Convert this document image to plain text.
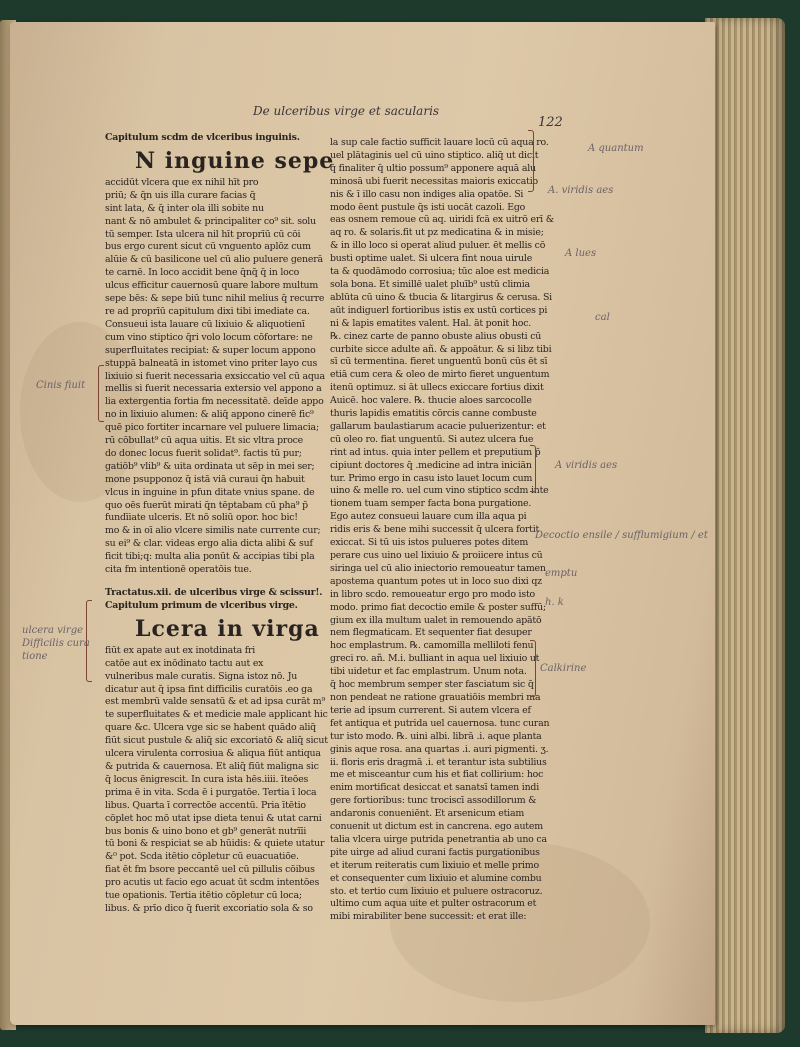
De ulceribus virge et sacularis
122
Capitulum scdm de vlceribus inguinis.
N inguine sepe
accidūt vlcera que ex nihil hīt pro
priū; & q̄n uis illa curare facias q̄
sint lata, & q̄ inter ola illi sobite nu
nant & nō ambulet & principaliter co⁹ sit. solu
tū semper. Ista ulcera nil hīt proprīū cū cōi
bus ergo curent sicut cū vnguento aplōz cum
alūie & cū basilicone uel cū alio puluere generā
te carnē. In loco accidit bene q̄nq̄ q̄ in loco
ulcus efficitur cauernosū quare labore multum
sepe bēs: & sepe biū tunc nihil melius q̄ recurre
re ad proprīū capitulum dixi tibi imediate ca.
Consueui ista lauare cū lixiuio & aliquotienī
cum vino stiptico q̄ri volo locum cōfortare: ne
superfluitates recipiat: & super locum appono
stuppā balneatā in istomet vino priter layo cus
lixiuio si fuerit necessaria exsiccatio vel cū aqua
mellis si fuerit necessaria extersio vel appono a
lia extergentia fortia fm necessitatē. deīde appo
no in lixiuio alumen: & aliq̄ appono cinerē fic⁹
quē pico fortiter incarnare vel puluere limacia;
rū cōbullat⁹ cū aqua uitis. Et sic vltra proce
do donec locus fuerit solidat⁹. factis tū pur;
gatiōb⁹ vlib⁹ & uita ordinata ut sēp in mei ser;
mone psupponoz q̄ istā viā curaui q̄n habuit
vlcus in inguine in pfun ditate vnius spane. de
quo oēs fuerūt mirati q̄n tēptabam cū pha⁹ p̄
fundīiate ulceris. Et nō soliū opor. hoc bic!
mo & in oī alio vlcere similis nate currente cur;
su ei⁹ & clar. videas ergo alia dicta alibi & suf
ficit tibi;q: multa alia ponūt & accipias tibi pla
cita fm intentionē operatōis tue.
Tractatus.xii. de ulceribus virge & scissur!.
Capitulum primum de vlceribus virge.
Lcera in virga
fiūt ex apate aut ex inotdinata fri
catōe aut ex inōdinato tactu aut ex
vulneribus male curatis. Signa istoz nō. Ju
dicatur aut q̄ ipsa fint difficilis curatōis .eo ga
est membrū valde sensatū & et ad ipsa curāt m⁹
te superfluitates & et medicie male applicant hic
quare &c. Ulcera vge sic se habent quādo aliq̄
fiūt sicut pustule & aliq̄ sic excoriatō & aliq̄ sicut
ulcera virulenta corrosiua & aliqua fiūt antiqua
& putrida & cauernosa. Et aliq̄ fiūt maligna sic
q̄ locus ēnigrescit. In cura ista hēs.iiii. īteōes
prima ē in vita. Scda ē i purgatōe. Tertia ī loca
libus. Quarta ī correctōe accentū. Pria ītētio
cōplet hoc mō utat ipse dieta tenui & utat carni
bus bonis & uino bono et gb⁹ generāt nutrīīi
tū boni & respiciat se ab hūidis: & quiete utatur
&⁰ pot. Scda itētio cōpletur cū euacuatiōe.
fiat ēt fm bsore peccantē uel cū pillulis cōibus
pro acutis ut facio ego acuat ūt scdm intentōes
tue opationis. Tertia itētio cōpletur cū loca;
libus. & prīo dico q̄ fuerit excoriatio sola & so
la sup cale factio sufficit lauare locū cū aqua ro.
uel plātaginis uel cū uino stiptico. aliq̄ ut dicit
q̄ finaliter q̄ ultio possum⁹ apponere aquā alu
minosā ubi fuerit necessitas maioris exiccatio
nis & ī illo casu non indiges alia opatōe. Si
modo ēent pustule q̄s isti uocāt cazoli. Ego
eas osnem remoue cū aq. uiridi fcā ex uitrō erī &
aq ro. & solaris.fit ut pz medicatina & in misie;
& in illo loco si operat aliud puluer. ēt mellis cō
busti optime ualet. Si ulcera fint noua uirule
ta & quodāmodo corrosiua; tūc aloe est medicia
sola bona. Et simillē ualet pluīb⁹ ustū climia
ablūta cū uino & tbucia & litargirus & cerusa. Si
aūt indiguerl fortioribus istis ex ustū cortices pi
ni & lapis ematites valent. Hal. āt ponit hoc.
℞. cinez carte de panno obuste alius obusti cū
curbite sicce adulte añ. & appoātur. & si libz tibi
sī cū termentina. fieret unguentū bonū cūs ēt sī
etiā cum cera & oleo de mirto fieret unguentum
itenū optimuz. si āt ullecs exiccare fortius dixit
Auicē. hoc valere. ℞. thucie aloes sarcocolle
thuris lapidis ematitis cōrcis canne combuste
gallarum baulastiarum acacie puluerizentur: et
cū oleo ro. fiat unguentū. Si autez ulcera fue
rint ad intus. quia inter pellem et preputium p̄
cipiunt doctores q̄ .medicine ad intra iniciān
tur. Primo ergo in casu isto lauet locum cum
uino & melle ro. uel cum vino stiptico scdm inte
tionem tuam semper facta bona purgatione.
Ego autez consueui lauare cum illa aqua pi
ridis eris & bene mihi successit q̄ ulcera fortit
exiccat. Si tū uis istos pulueres potes ditem
perare cus uino uel lixiuio & proiicere intus cū
siringa uel cū alio iniectorio remoueatur tamen
apostema quantum potes ut in loco suo dixi qz
in libro scdo. remoueatur ergo pro modo isto
modo. primo fiat decoctio emile & poster suffū;
gium ex illa multum ualet in remouendo apātō
nem flegmaticam. Et sequenter fiat desuper
hoc emplastrum. ℞. camomilla melliloti fenu
greci ro. añ. M.i. bulliant in aqua uel lixiuio ut
tibi uidetur et fac emplastrum. Unum nota.
q̄ hoc membrum semper ster fasciatum sic q̄
non pendeat ne ratione grauatiōis membri ma
terie ad ipsum currerent. Si autem vlcera ef
fet antiqua et putrida uel cauernosa. tunc curan
tur isto modo. ℞. uini albi. librā .i. aque planta
ginis aque rosa. ana quartas .i. auri pigmenti. ʒ.
ii. floris eris dragmā .i. et terantur ista subtilius
me et misceantur cum his et fiat collirium: hoc
enim mortificat desiccat et sanatsī tamen indi
gere fortioribus: tunc trociscī assodillorum &
andaronis conueniēnt. Et arsenicum etiam
conuenit ut dictum est in cancrena. ego autem
talia vlcera uirge putrida penetrantia ab uno ca
pite uirge ad aliud curani factis purgationibus
et iterum reiteratis cum lixiuio et melle primo
et consequenter cum lixiuio et alumine combu
sto. et tertio cum lixiuio et puluere ostracoruz.
ultimo cum aqua uite et pulter ostracorum et
mibi mirabiliter bene successit: et erat ille:
Cinis fiuit
ulcera virge
Difficilis cura
tione
A quantum
A. viridis aes
A lues
cal
A viridis aes
Decoctio ensile / sufflumigium / et
emptu
h. k
Calkirine
